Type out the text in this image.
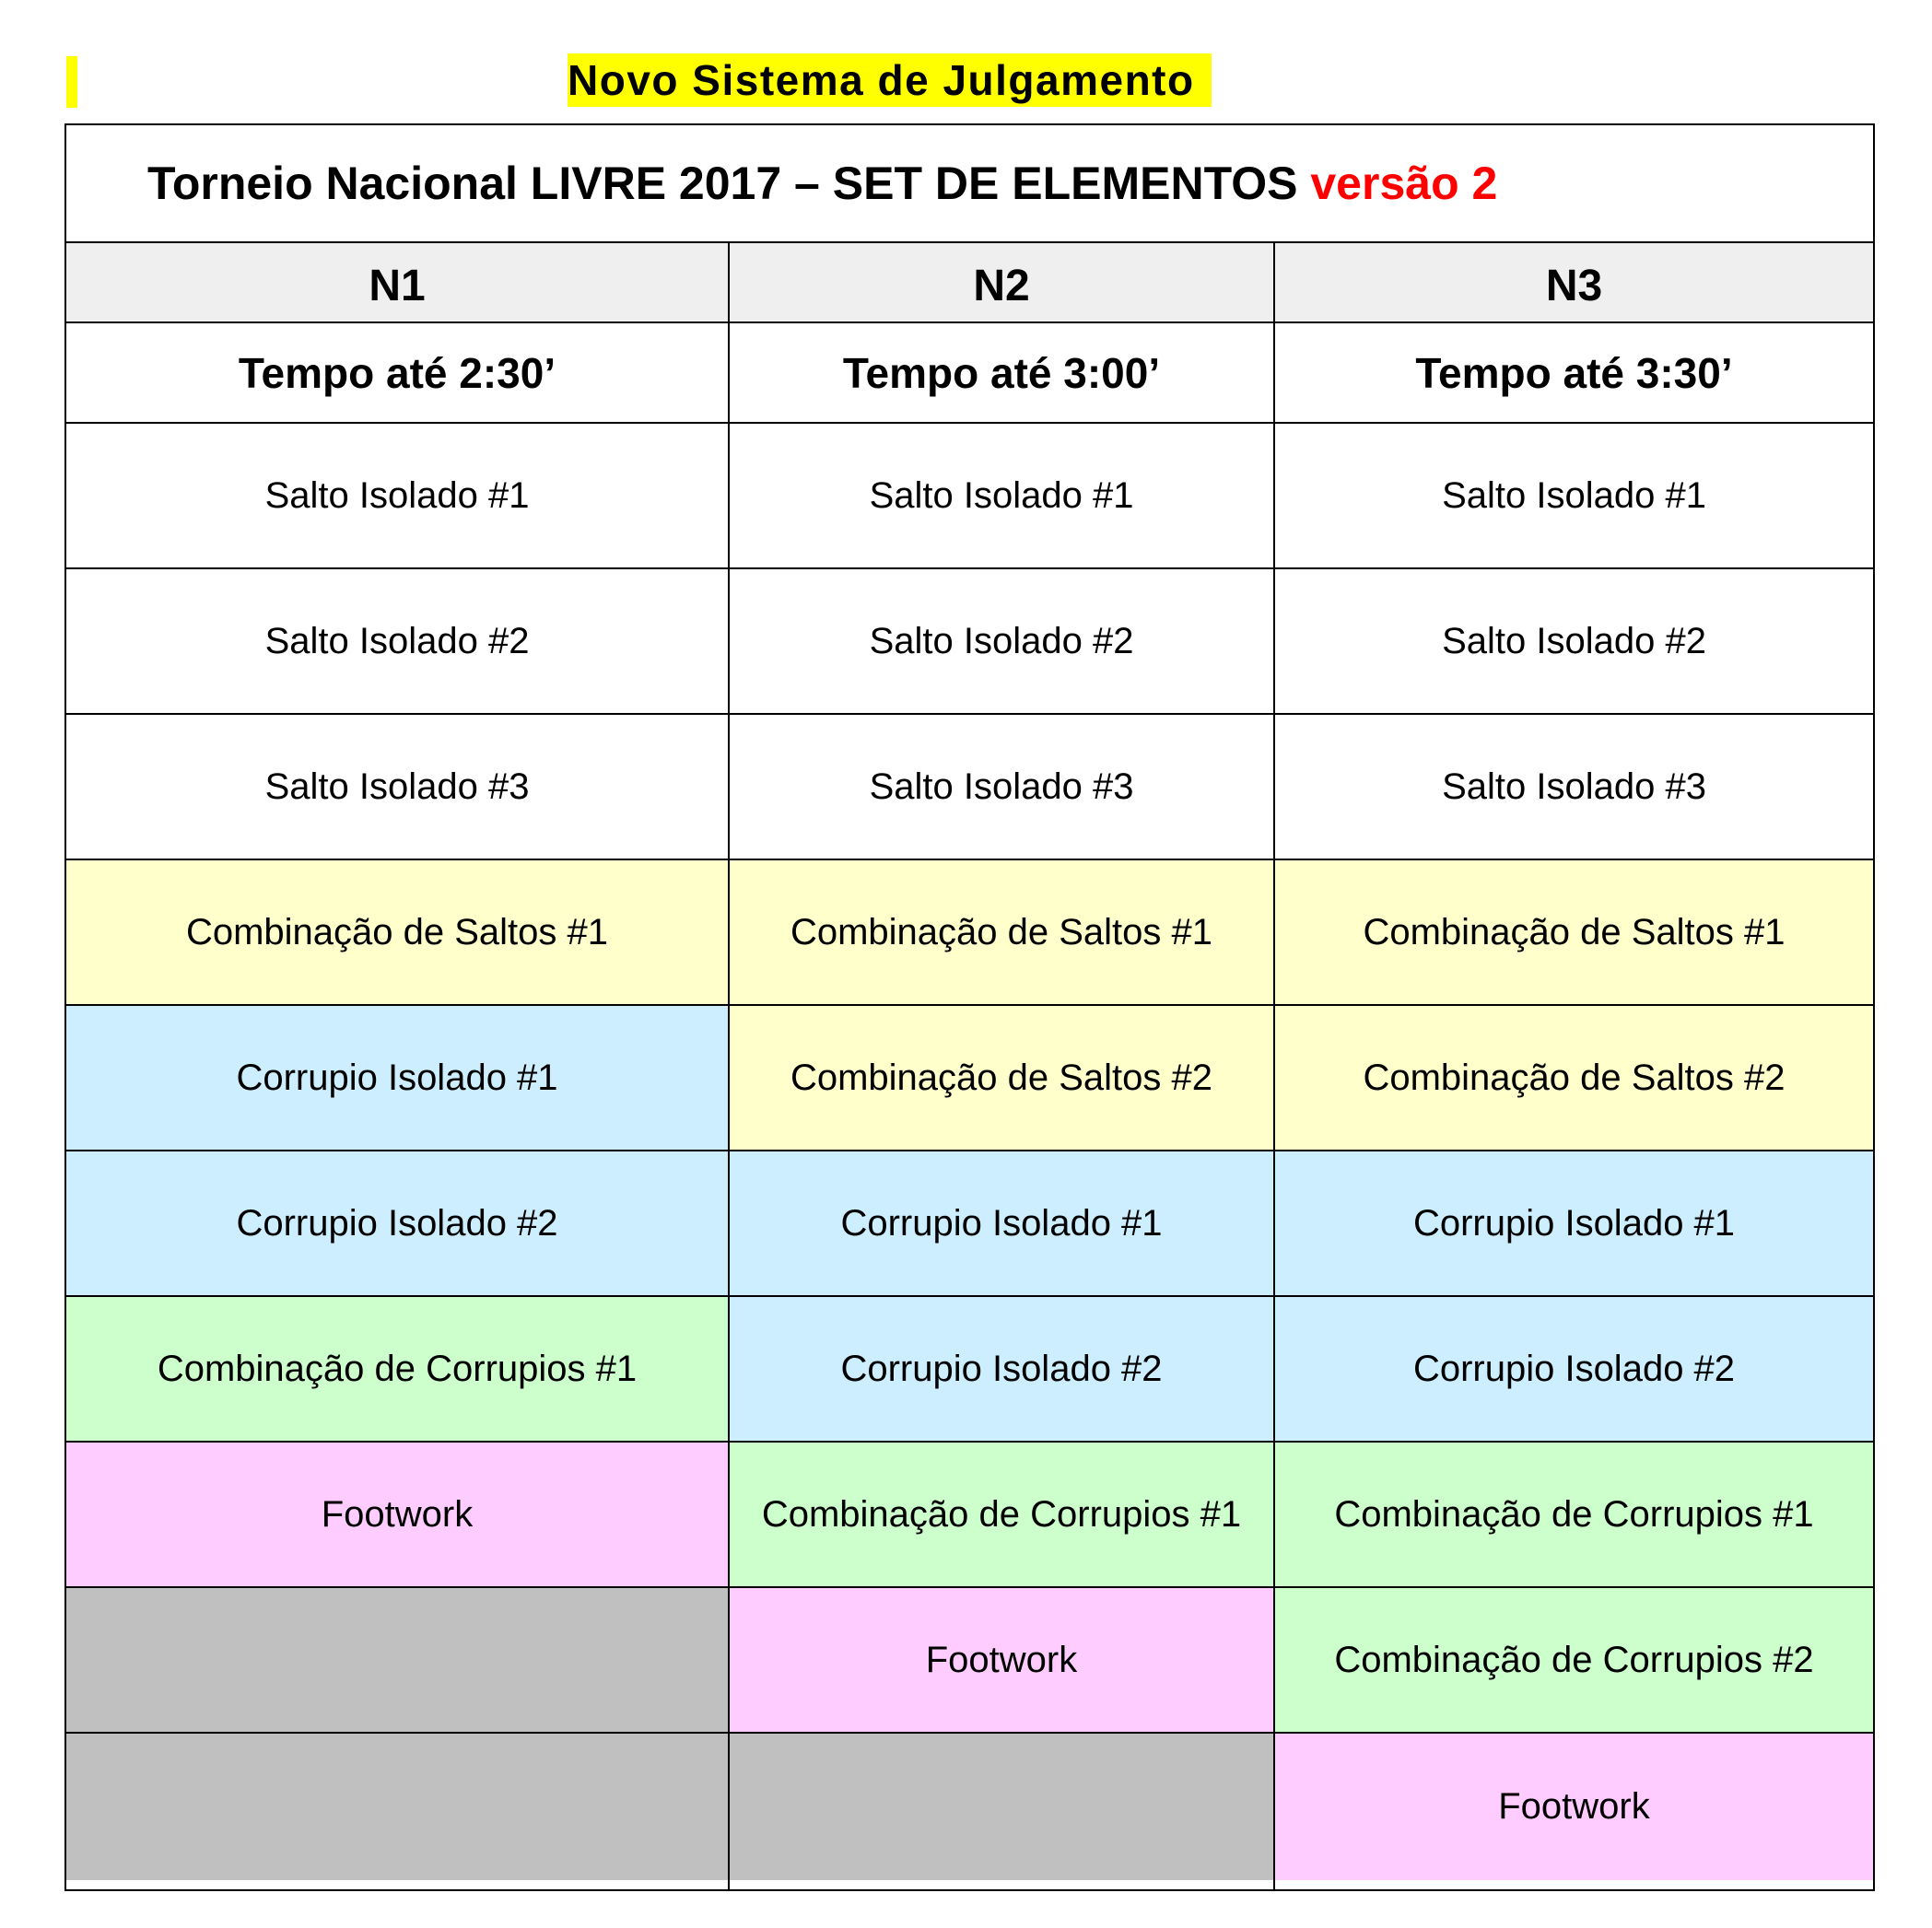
Novo Sistema de Julgamento
Torneio Nacional LIVRE 2017 – SET DE ELEMENTOS
versão 2
N1
Tempo até 2:30’
Salto Isolado #1
Salto Isolado #2
Salto Isolado #3
Combinação de Saltos #1
Corrupio Isolado #1
Corrupio Isolado #2
Combinação de Corrupios #1
Footwork
N2
Tempo até 3:00’
Salto Isolado #1
Salto Isolado #2
Salto Isolado #3
Combinação de Saltos #1
Combinação de Saltos #2
Corrupio Isolado #1
Corrupio Isolado #2
Combinação de Corrupios #1
Footwork
N3
Tempo até 3:30’
Salto Isolado #1
Salto Isolado #2
Salto Isolado #3
Combinação de Saltos #1
Combinação de Saltos #2
Corrupio Isolado #1
Corrupio Isolado #2
Combinação de Corrupios #1
Combinação de Corrupios #2
Footwork
